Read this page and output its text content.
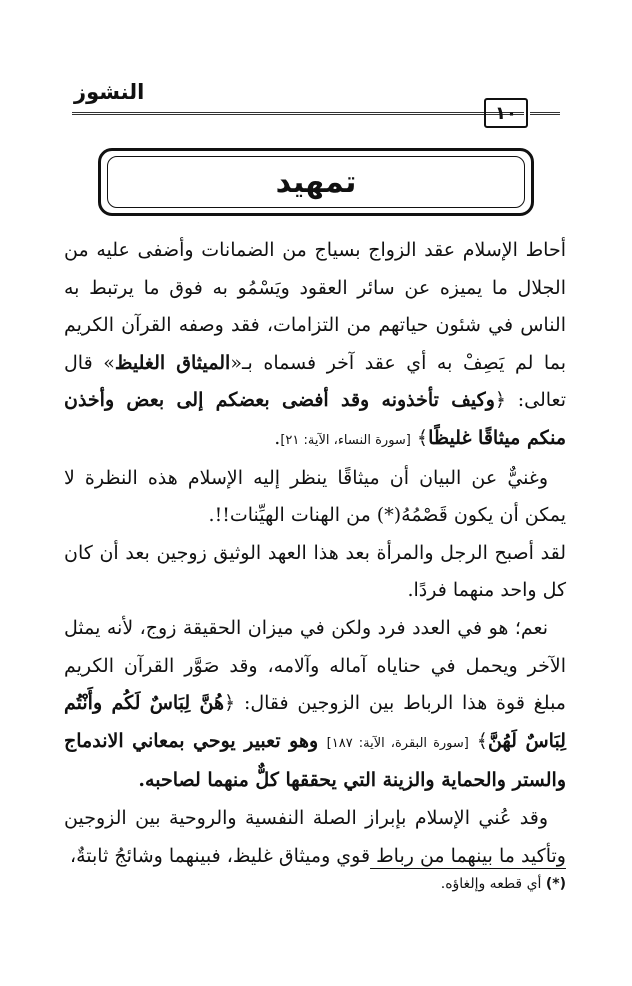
النشوز
١٠
تمهيد

أحاط الإسلام عقد الزواج بسياج من الضمانات وأضفى عليه من الجلال ما يميزه عن سائر العقود ويَسْمُو به فوق ما يرتبط به الناس في شئون حياتهم من التزامات، فقد وصفه القرآن الكريم بما لم يَصِفْ به أي عقد آخر فسماه بـ«الميثاق الغليظ» قال تعالى: ﴿وكيف تأخذونه وقد أفضى بعضكم إلى بعض وأخذن منكم ميثاقًا غليظًا﴾ [سورة النساء، الآية: ٢١].

وغنيٌّ عن البيان أن ميثاقًا ينظر إليه الإسلام هذه النظرة لا يمكن أن يكون قَصْمُهُ(*) من الهنات الهيِّنات!!.

لقد أصبح الرجل والمرأة بعد هذا العهد الوثيق زوجين بعد أن كان كل واحد منهما فردًا.

نعم؛ هو في العدد فرد ولكن في ميزان الحقيقة زوج، لأنه يمثل الآخر ويحمل في حناياه آماله وآلامه، وقد صَوَّر القرآن الكريم مبلغ قوة هذا الرباط بين الزوجين فقال: ﴿هُنَّ لِبَاسٌ لَكُم وأَنْتُم لِبَاسٌ لَهُنَّ﴾ [سورة البقرة، الآية: ١٨٧] وهو تعبير يوحي بمعاني الاندماج والستر والحماية والزينة التي يحققها كلٌّ منهما لصاحبه.

وقد عُني الإسلام بإبراز الصلة النفسية والروحية بين الزوجين وتأكيد ما بينهما من رباط قوي وميثاق غليظ، فبينهما وشائجُ ثابتةٌ،

(*) أي قطعه وإلغاؤه.
